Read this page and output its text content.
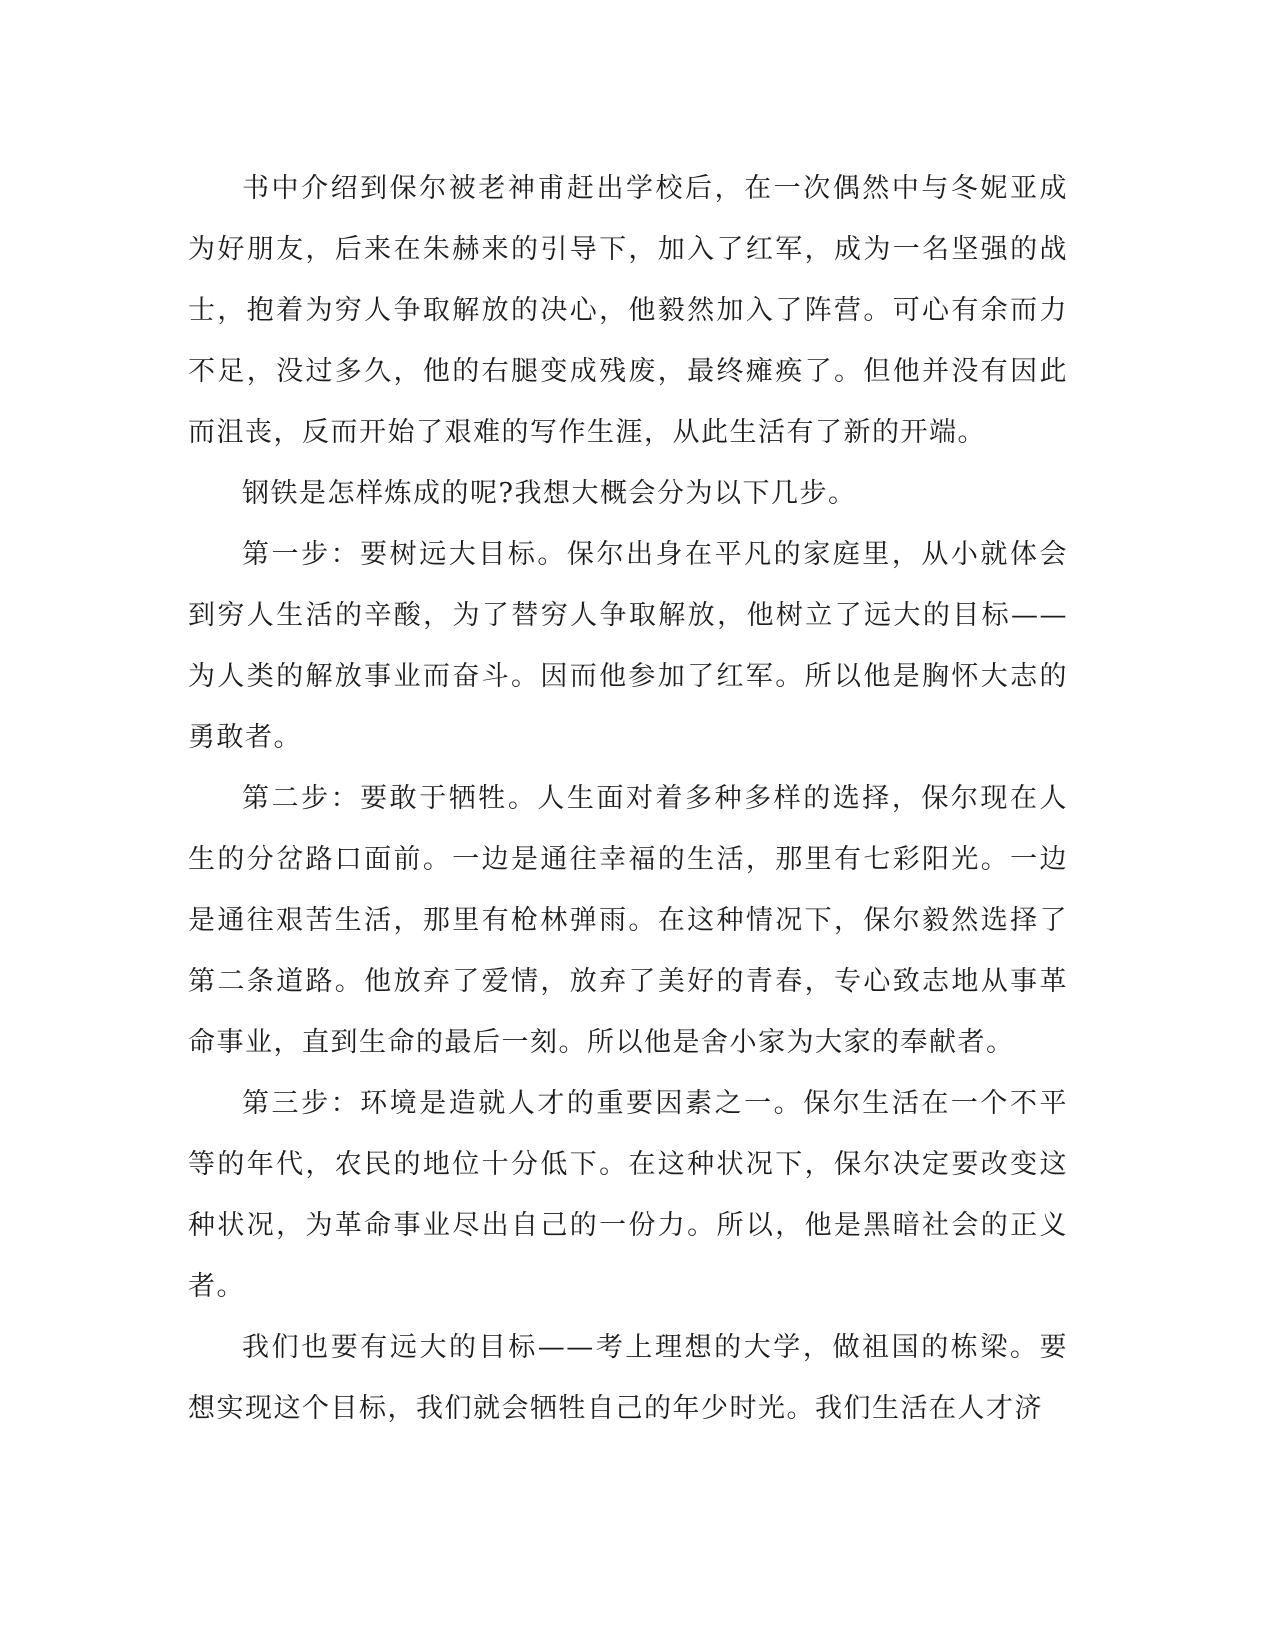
书中介绍到保尔被老神甫赶出学校后，在一次偶然中与冬妮亚成为好朋友，后来在朱赫来的引导下，加入了红军，成为一名坚强的战士，抱着为穷人争取解放的决心，他毅然加入了阵营。可心有余而力不足，没过多久，他的右腿变成残废，最终瘫痪了。但他并没有因此而沮丧，反而开始了艰难的写作生涯，从此生活有了新的开端。

钢铁是怎样炼成的呢?我想大概会分为以下几步。

第一步：要树远大目标。保尔出身在平凡的家庭里，从小就体会到穷人生活的辛酸，为了替穷人争取解放，他树立了远大的目标——为人类的解放事业而奋斗。因而他参加了红军。所以他是胸怀大志的勇敢者。

第二步：要敢于牺牲。人生面对着多种多样的选择，保尔现在人生的分岔路口面前。一边是通往幸福的生活，那里有七彩阳光。一边是通往艰苦生活，那里有枪林弹雨。在这种情况下，保尔毅然选择了第二条道路。他放弃了爱情，放弃了美好的青春，专心致志地从事革命事业，直到生命的最后一刻。所以他是舍小家为大家的奉献者。

第三步：环境是造就人才的重要因素之一。保尔生活在一个不平等的年代，农民的地位十分低下。在这种状况下，保尔决定要改变这种状况，为革命事业尽出自己的一份力。所以，他是黑暗社会的正义者。

我们也要有远大的目标——考上理想的大学，做祖国的栋梁。要想实现这个目标，我们就会牺牲自己的年少时光。我们生活在人才济
